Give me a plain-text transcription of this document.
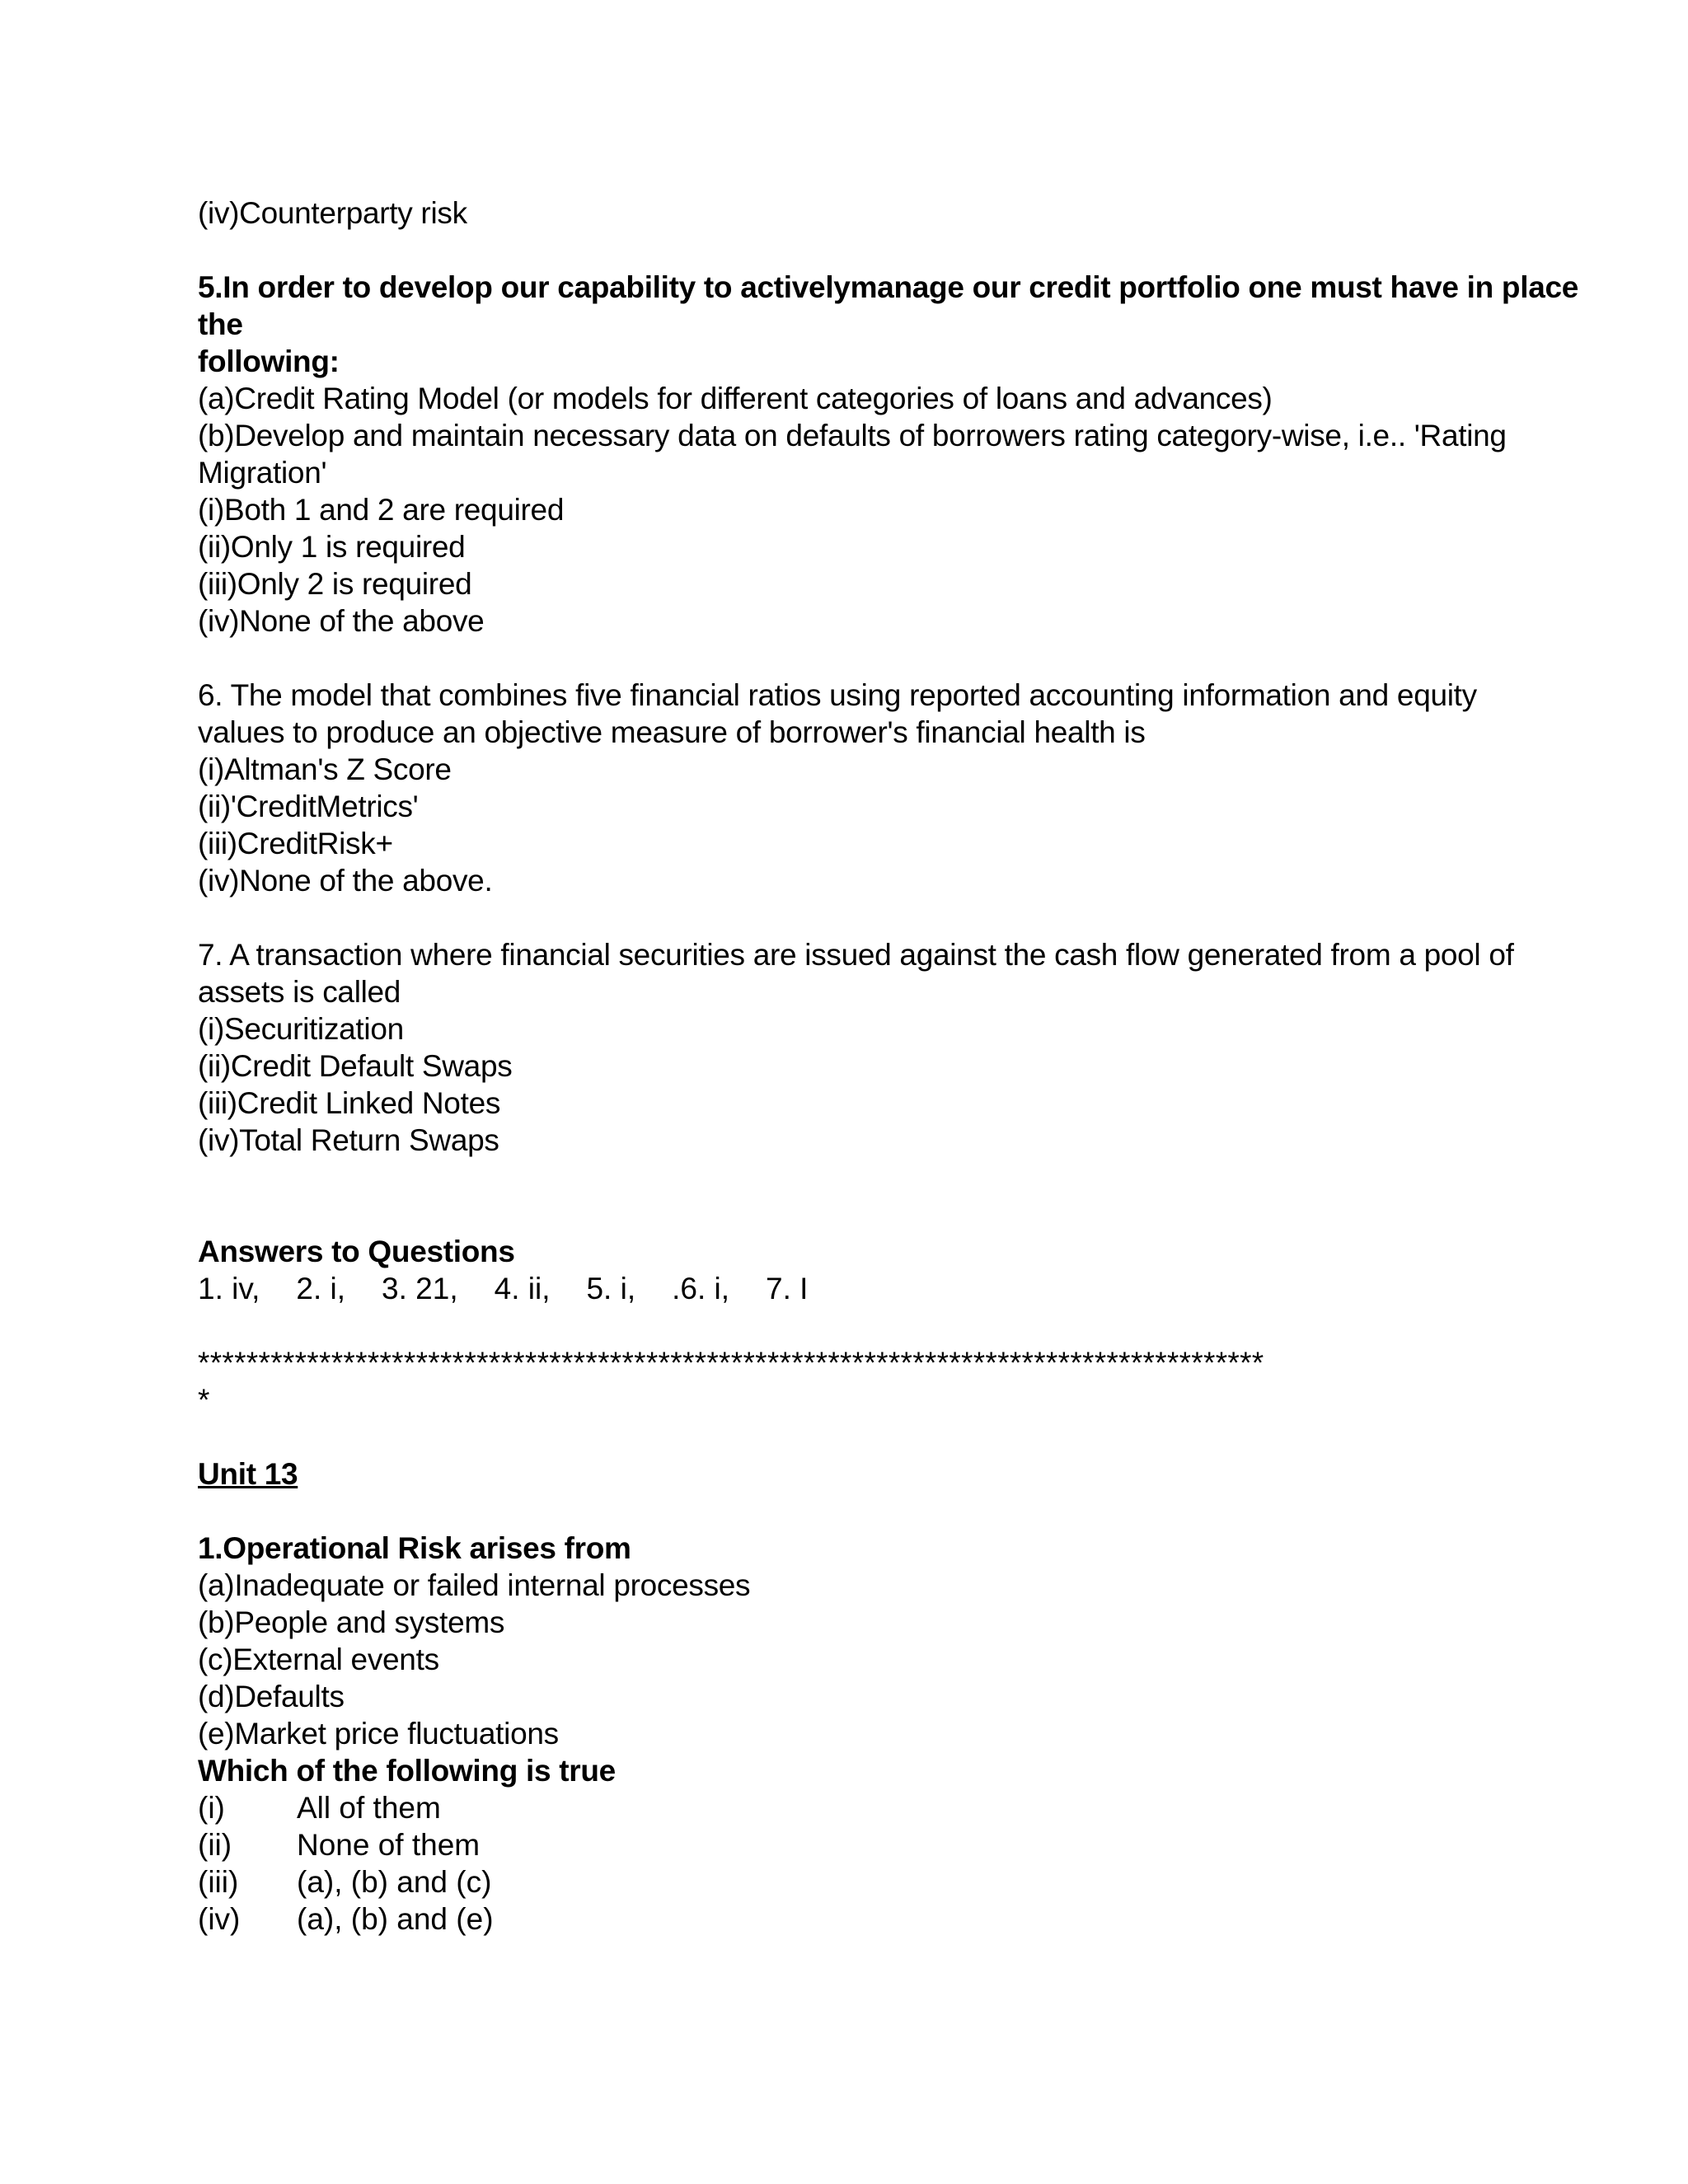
(iv)Counterparty risk
5.In order to develop our capability to activelymanage our credit portfolio one must have in place
the
following:
(a)Credit Rating Model (or models for different categories of loans and advances)
(b)Develop and maintain necessary data on defaults of borrowers rating category-wise, i.e.. 'Rating
Migration'
(i)Both 1 and 2 are required
(ii)Only 1 is required
(iii)Only 2 is required
(iv)None of the above
6. The model that combines five financial ratios using reported accounting information and equity
values to produce an objective measure of borrower's financial health is
(i)Altman's Z Score
(ii)'CreditMetrics'
(iii)CreditRisk+
(iv)None of the above.
7. A transaction where financial securities are issued against the cash flow generated from a pool of
assets is called
(i)Securitization
(ii)Credit Default Swaps
(iii)Credit Linked Notes
(iv)Total Return Swaps
Answers to Questions
1. iv, 2. i, 3. 21, 4. ii, 5. i, .6. i, 7. I
****************************************************************************************
*
Unit 13
1.Operational Risk arises from
(a)Inadequate or failed internal processes
(b)People and systems
(c)External events
(d)Defaults
(e)Market price fluctuations
Which of the following is true
(i)	All of them
(ii)	None of them
(iii)	(a), (b) and (c)
(iv)	(a), (b) and (e)
